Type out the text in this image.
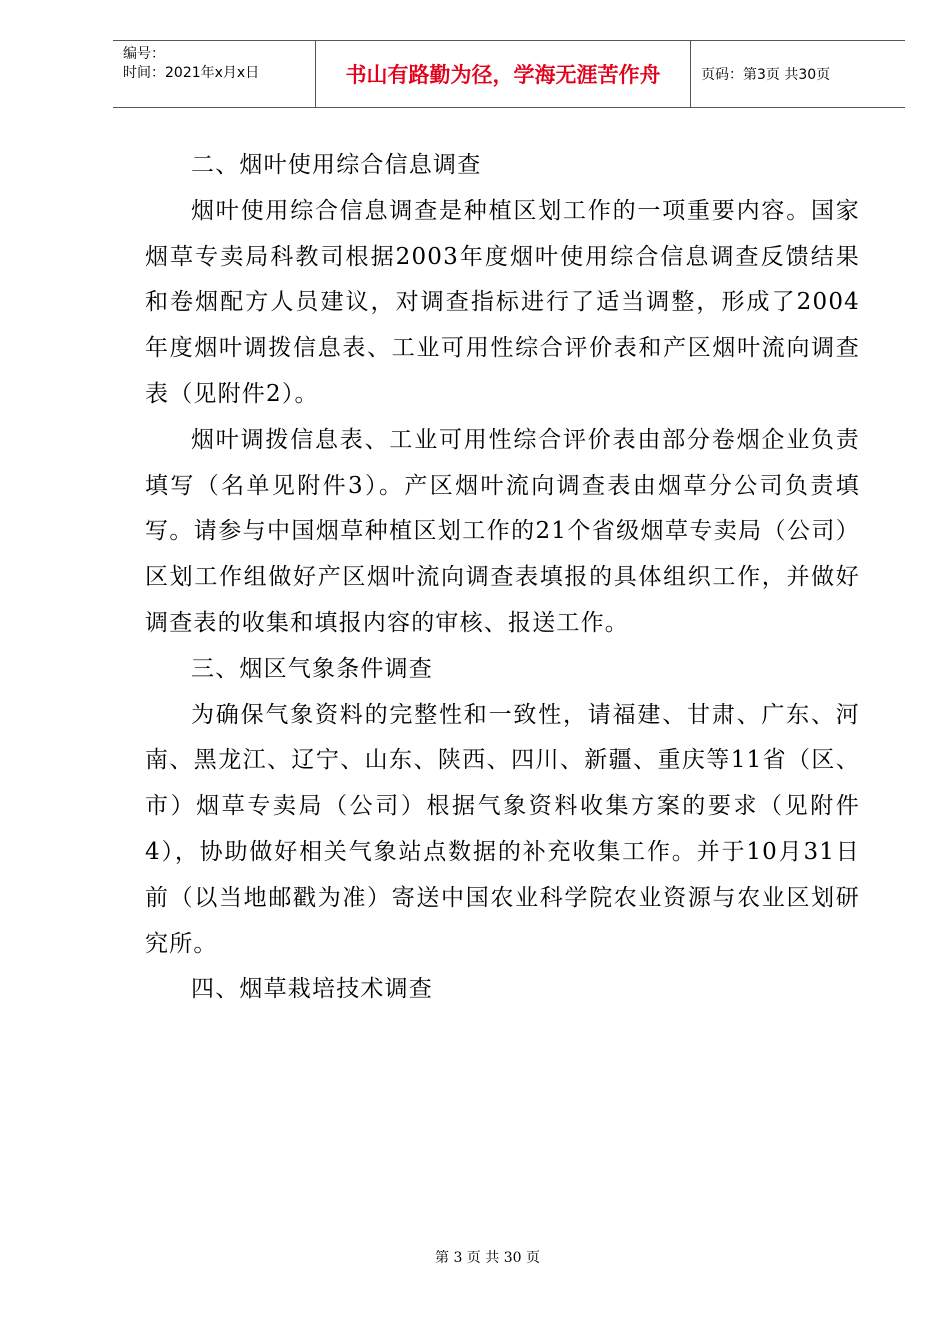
编号：
时间：2021年x月x日	书山有路勤为径，学海无涯苦作舟	页码：第3页 共30页

二、烟叶使用综合信息调查

烟叶使用综合信息调查是种植区划工作的一项重要内容。国家烟草专卖局科教司根据2003年度烟叶使用综合信息调查反馈结果和卷烟配方人员建议，对调查指标进行了适当调整，形成了2004年度烟叶调拨信息表、工业可用性综合评价表和产区烟叶流向调查表（见附件2）。

烟叶调拨信息表、工业可用性综合评价表由部分卷烟企业负责填写（名单见附件3）。产区烟叶流向调查表由烟草分公司负责填写。请参与中国烟草种植区划工作的21个省级烟草专卖局（公司）区划工作组做好产区烟叶流向调查表填报的具体组织工作，并做好调查表的收集和填报内容的审核、报送工作。

三、烟区气象条件调查

为确保气象资料的完整性和一致性，请福建、甘肃、广东、河南、黑龙江、辽宁、山东、陕西、四川、新疆、重庆等11省（区、市）烟草专卖局（公司）根据气象资料收集方案的要求（见附件4），协助做好相关气象站点数据的补充收集工作。并于10月31日前（以当地邮戳为准）寄送中国农业科学院农业资源与农业区划研究所。

四、烟草栽培技术调查

第 3 页 共 30 页
